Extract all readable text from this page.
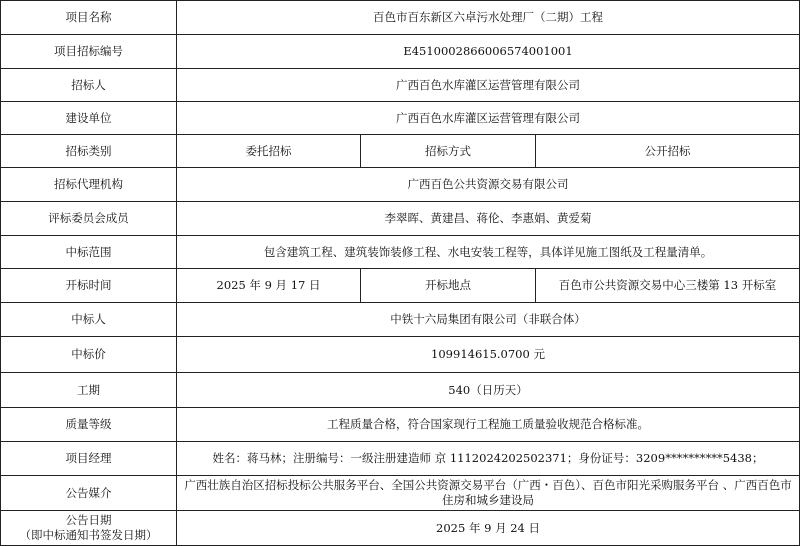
项目名称	百色市百东新区六卓污水处理厂（二期）工程		
项目招标编号	E4510002866006574001001		
招标人	广西百色水库灌区运营管理有限公司		
建设单位	广西百色水库灌区运营管理有限公司		
招标类别	委托招标	招标方式	公开招标
招标代理机构	广西百色公共资源交易有限公司		
评标委员会成员	李翠晖、黄建昌、蒋伦、李惠娟、黄爱菊		
中标范围	包含建筑工程、建筑装饰装修工程、水电安装工程等，具体详见施工图纸及工程量清单。		
开标时间	2025 年 9 月 17 日	开标地点	百色市公共资源交易中心三楼第 13 开标室
中标人	中铁十六局集团有限公司（非联合体）		
中标价	109914615.0700 元		
工期	540（日历天）		
质量等级	工程质量合格，符合国家现行工程施工质量验收规范合格标准。		
项目经理	姓名：蒋马林；注册编号：一级注册建造师 京 1112024202502371；身份证号：3209**********5438；		
公告媒介	广西壮族自治区招标投标公共服务平台、全国公共资源交易平台（广西・百色）、百色市阳光采购服务平台 、广西百色市住房和城乡建设局		

公告日期
（即中标通知书签发日期）	2025 年 9 月 24 日		
